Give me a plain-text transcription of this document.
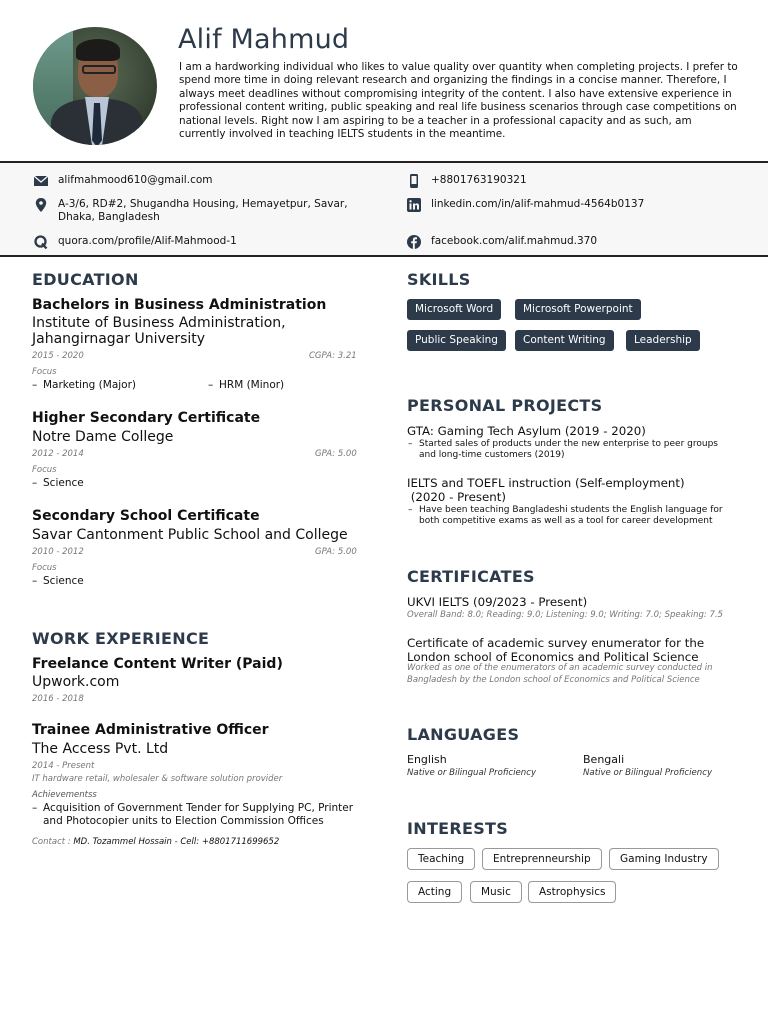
Alif Mahmud
I am a hardworking individual who likes to value quality over quantity when completing projects. I prefer to spend more time in doing relevant research and organizing the findings in a concise manner. Therefore, I always meet deadlines without compromising integrity of the content. I also have extensive experience in professional content writing, public speaking and real life business scenarios through case competitions on national levels. Right now I am aspiring to be a teacher in a professional capacity and as such, am currently involved in teaching IELTS students in the meantime.
alifmahmood610@gmail.com	+8801763190321
A-3/6, RD#2, Shugandha Housing, Hemayetpur, Savar,
Dhaka, Bangladesh
linkedin.com/in/alif-mahmud-4564b0137
quora.com/profile/Alif-Mahmood-1	facebook.com/alif.mahmud.370
EDUCATION
Bachelors in Business Administration
Institute of Business Administration,
Jahangirnagar University
2015 - 2020	CGPA: 3.21
Focus
– Marketing (Major)
–	HRM (Minor)
Higher Secondary Certificate
Notre Dame College
2012 - 2014	GPA: 5.00
Focus
– Science
Secondary School Certificate
Savar Cantonment Public School and College
2010 - 2012	GPA: 5.00
Focus
– Science
WORK EXPERIENCE
Freelance Content Writer (Paid)
Upwork.com
2016 - 2018
Trainee Administrative Officer
The Access Pvt. Ltd
2014 - Present
IT hardware retail, wholesaler & software solution provider
Achievementss
– Acquisition of Government Tender for Supplying PC, Printer
and Photocopier units to Election Commission Offices
Contact : MD. Tozammel Hossain - Cell: +8801711699652
SKILLS
Microsoft Word	Microsoft Powerpoint
Public Speaking	Content Writing	Leadership
PERSONAL PROJECTS
GTA: Gaming Tech Asylum (2019 - 2020)
– Started sales of products under the new enterprise to peer groups
and long-time customers (2019)
IELTS and TOEFL instruction (Self-employment)
(2020 - Present)
– Have been teaching Bangladeshi students the English language for
both competitive exams as well as a tool for career development
CERTIFICATES
UKVI IELTS (09/2023 - Present)
Overall Band: 8.0; Reading: 9.0; Listening: 9.0; Writing: 7.0; Speaking: 7.5
Certificate of academic survey enumerator for the
London school of Economics and Political Science
Worked as one of the enumerators of an academic survey conducted in
Bangladesh by the London school of Economics and Political Science
LANGUAGES
English
Native or Bilingual Proficiency
Bengali
Native or Bilingual Proficiency
INTERESTS
Teaching	Entreprenneurship	Gaming Industry
Acting	Music	Astrophysics
